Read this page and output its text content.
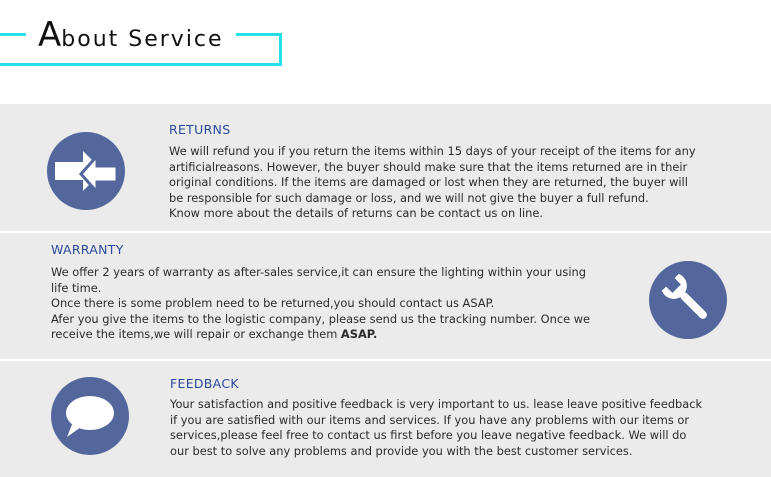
About Service
RETURNS

We will refund you if you return the items within 15 days of your receipt of the items for any

artificialreasons. However, the buyer should make sure that the items returned are in their

original conditions. If the items are damaged or lost when they are returned, the buyer will

be responsible for such damage or loss, and we will not give the buyer a full refund.

Know more about the details of returns can be contact us on line.

WARRANTY

We offer 2 years of warranty as after-sales service,it can ensure the lighting within your using

life time.

Once there is some problem need to be returned,you should contact us ASAP.

Afer you give the items to the logistic company, please send us the tracking number. Once we

receive the items,we will repair or exchange them ASAP.

FEEDBACK

Your satisfaction and positive feedback is very important to us. lease leave positive feedback

if you are satisfied with our items and services. If you have any problems with our items or

services,please feel free to contact us first before you leave negative feedback. We will do

our best to solve any problems and provide you with the best customer services.
